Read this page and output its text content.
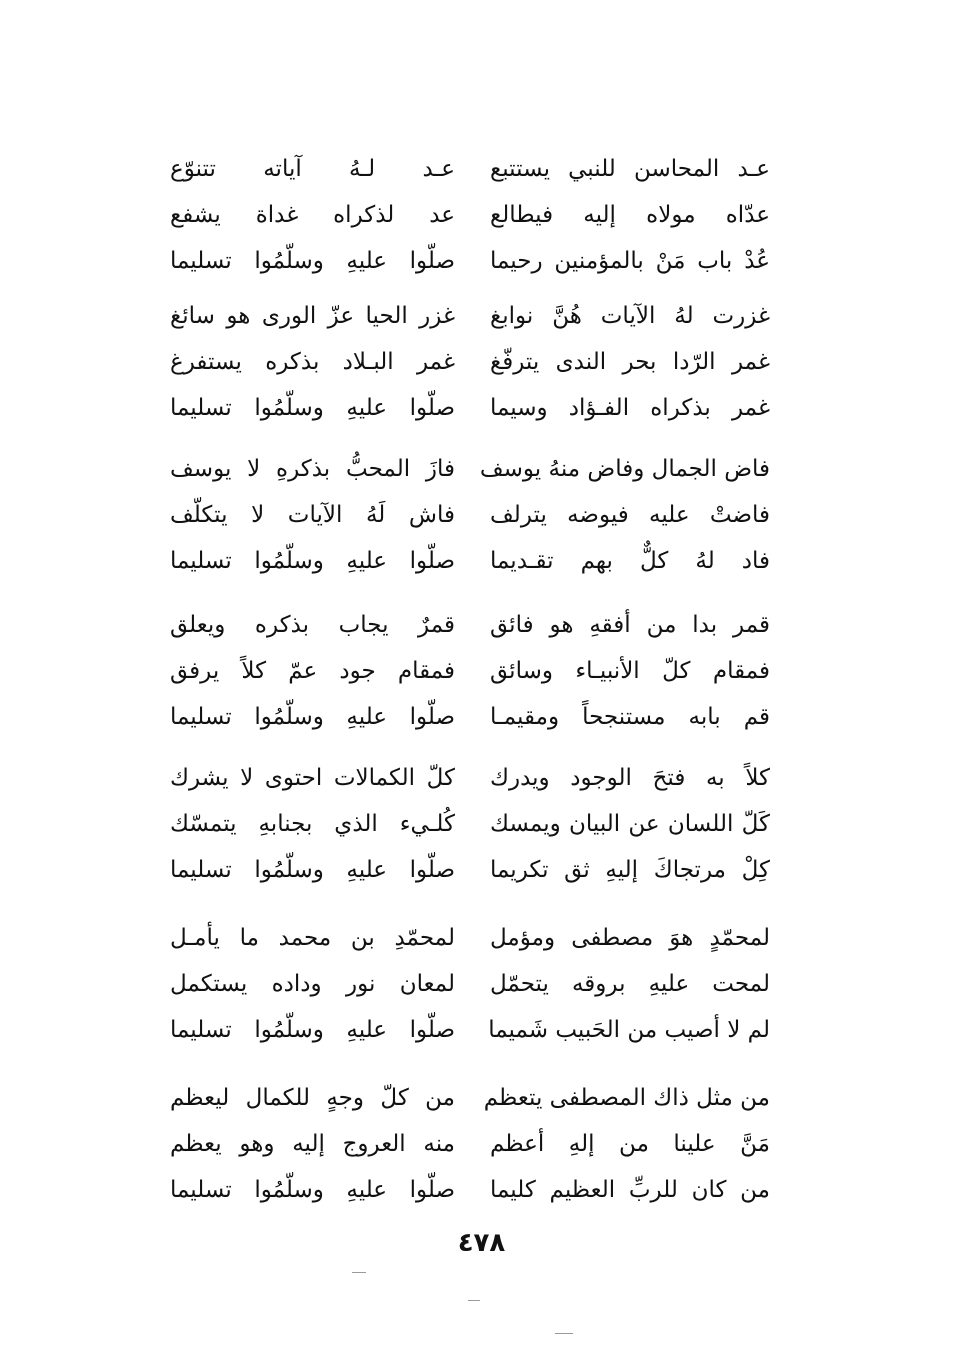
عـد المحاسن للنبي يستتبع
عدّاه مولاه إليه فيطالع
عُدْ باب مَنْ بالمؤمنين رحيما
عـد لـهُ آياته تتنوّع
عد لذكراه غداة يشفع
صلّوا عليهِ وسلّمُوا تسليما
غزرت لهُ الآيات هُنَّ نوابغ
غمر الرّدا بحر الندى يترفّغ
غمر بذكراه الفـؤاد وسيما
غزر الحيا عزّ الورى هو سائغ
غمر البـلاد بذكره يستفرغ
صلّوا عليهِ وسلّمُوا تسليما
فاض الجمال وفاض منهُ يوسف
فاضتْ عليه فيوضه يترلف
فاد لهُ كلٌّ بهم تقـديما
فازَ المحبُّ بذكرهِ لا يوسف
فاش لَهُ الآيات لا يتكلّف
صلّوا عليهِ وسلّمُوا تسليما
قمر بدا من أفقهِ هو فائق
فمقام كلّ الأنبيـاء وسائق
قم بابه مستنجحاً ومقيمـا
قمرٌ يجاب بذكره ويعلق
فمقام جود عمّ كلاً يرفق
صلّوا عليهِ وسلّمُوا تسليما
كلاً به فتحَ الوجود ويدرك
كَلّ اللسان عن البيان ويمسك
كِلْ مرتجاكَ إليهِ ثق تكريما
كلّ الكمالات احتوى لا يشرك
كُلـيء الذي بجنابهِ يتمسّك
صلّوا عليهِ وسلّمُوا تسليما
لمحمّدٍ هوَ مصطفى ومؤمل
لمحت عليهِ بروقه يتحمّل
لم لا أصيب من الحَبيب شَميما
لمحمّدِ بن محمد ما يأمـل
لمعان نور وداده يستكمل
صلّوا عليهِ وسلّمُوا تسليما
من مثل ذاك المصطفى يتعظم
مَنَّ علينا من إلهِ أعظم
من كان للربِّ العظيم كليما
من كلّ وجهٍ للكمال ليعظم
منه العروج إليه وهو يعظم
صلّوا عليهِ وسلّمُوا تسليما
٤٧٨
